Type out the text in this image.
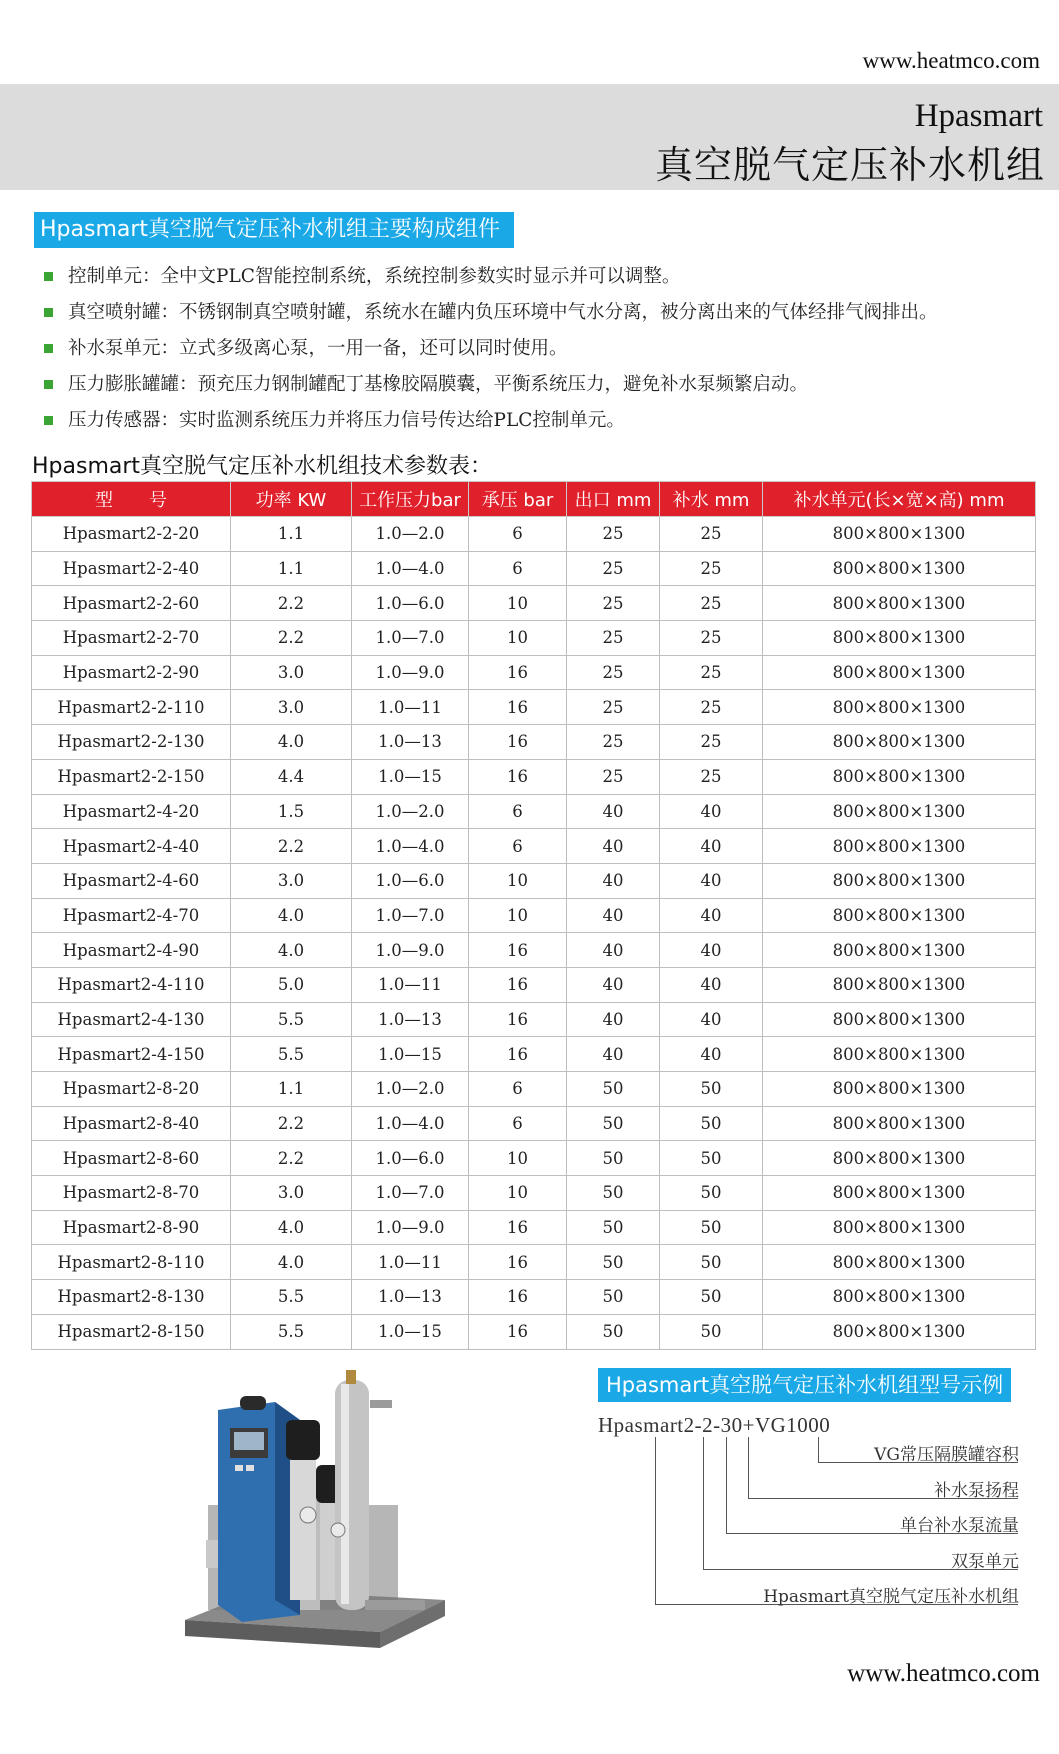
www.heatmco.com
Hpasmart
真空脱气定压补水机组
Hpasmart真空脱气定压补水机组主要构成组件
控制单元：全中文PLC智能控制系统，系统控制参数实时显示并可以调整。
真空喷射罐：不锈钢制真空喷射罐，系统水在罐内负压环境中气水分离，被分离出来的气体经排气阀排出。
补水泵单元：立式多级离心泵，一用一备，还可以同时使用。
压力膨胀罐罐：预充压力钢制罐配丁基橡胶隔膜囊，平衡系统压力，避免补水泵频繁启动。
压力传感器：实时监测系统压力并将压力信号传达给PLC控制单元。
Hpasmart真空脱气定压补水机组技术参数表：
型　　号	功率 KW	工作压力bar	承压 bar	出口 mm	补水 mm	补水单元(长×宽×高) mm
Hpasmart2-2-20	1.1	1.0—2.0	6	25	25	800×800×1300
Hpasmart2-2-40	1.1	1.0—4.0	6	25	25	800×800×1300
Hpasmart2-2-60	2.2	1.0—6.0	10	25	25	800×800×1300
Hpasmart2-2-70	2.2	1.0—7.0	10	25	25	800×800×1300
Hpasmart2-2-90	3.0	1.0—9.0	16	25	25	800×800×1300
Hpasmart2-2-110	3.0	1.0—11	16	25	25	800×800×1300
Hpasmart2-2-130	4.0	1.0—13	16	25	25	800×800×1300
Hpasmart2-2-150	4.4	1.0—15	16	25	25	800×800×1300
Hpasmart2-4-20	1.5	1.0—2.0	6	40	40	800×800×1300
Hpasmart2-4-40	2.2	1.0—4.0	6	40	40	800×800×1300
Hpasmart2-4-60	3.0	1.0—6.0	10	40	40	800×800×1300
Hpasmart2-4-70	4.0	1.0—7.0	10	40	40	800×800×1300
Hpasmart2-4-90	4.0	1.0—9.0	16	40	40	800×800×1300
Hpasmart2-4-110	5.0	1.0—11	16	40	40	800×800×1300
Hpasmart2-4-130	5.5	1.0—13	16	40	40	800×800×1300
Hpasmart2-4-150	5.5	1.0—15	16	40	40	800×800×1300
Hpasmart2-8-20	1.1	1.0—2.0	6	50	50	800×800×1300
Hpasmart2-8-40	2.2	1.0—4.0	6	50	50	800×800×1300
Hpasmart2-8-60	2.2	1.0—6.0	10	50	50	800×800×1300
Hpasmart2-8-70	3.0	1.0—7.0	10	50	50	800×800×1300
Hpasmart2-8-90	4.0	1.0—9.0	16	50	50	800×800×1300
Hpasmart2-8-110	4.0	1.0—11	16	50	50	800×800×1300
Hpasmart2-8-130	5.5	1.0—13	16	50	50	800×800×1300
Hpasmart2-8-150	5.5	1.0—15	16	50	50	800×800×1300
Hpasmart真空脱气定压补水机组型号示例
Hpasmart2-2-30+VG1000
VG常压隔膜罐容积
补水泵扬程
单台补水泵流量
双泵单元
Hpasmart真空脱气定压补水机组
www.heatmco.com
